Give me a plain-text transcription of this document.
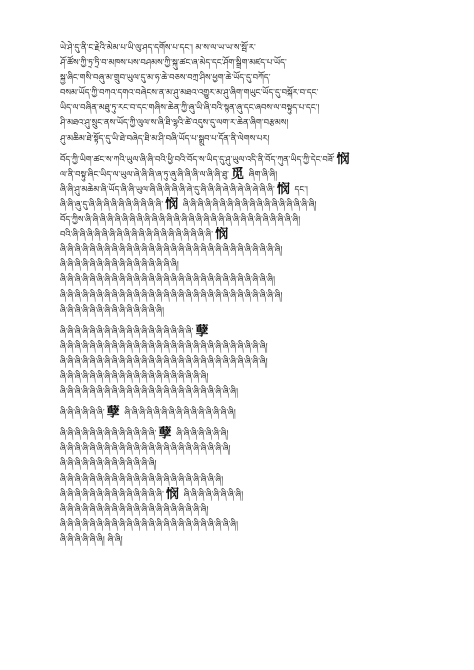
ཡེ་ཤེ་དུ་ནི་ང་རྗེའི་མེམ་པ་ཡི་ལུ་ཤད་དགོས་པ་དང་། མ་ས་ལ་ཡ་ཡ་ས་སྦོ་ར་
ཤོ་ཚོས་ཀྱི་ཏྲ་ཏྲི་བ་མཁས་པས་བཤམས་ཀྱི་སྐུ་ཚང་ཞ་མེད་དང་ཤོག་སྒྲིག་མཛད་པ་ཡོད་
སྐྱ་ཞིང་གསི་བཞུ་མ་གྲུབ་ཡུལ་དུ་མ་ཧ་ཆེ་བཅས་བཀྲ་ཤིས་ཕྱག་ཆེ་ཡོད་དུ་བཀོད་
བསམ་ཡོད་ཀྱི་བཀའ་དགའ་བཞེངས་ན་མ་ཤུ་མཐའ་འགྱུར་མ་ཤུ་ཞིག་གཡུང་ཡོད་དུ་བསྐོར་བ་དང་
ཡིད་ལ་བཞིན་མཐུ་ཏུ་རང་བ་དང་གཞིས་ཆེན་ཀྱི་ཞུ་ཡི་ཞི་བའི་སྙན་ཞུ་དང་ཞབས་ལ་བསྟུད་པ་དང་།
ཤི་མཐའ་ཤུ་སྲུང་ནས་ཡོད་ཀྱི་ལུལ་ས་ཞི་ཐི་ལྷའི་ཚེ་འདུས་དུ་ལག་ར་ཆེན་ཞིག་བརྩམས།
ཤུ་མཆིམ་ཐེ་སྟོད་དུ་ཡི་ཐེ་བཞེད་ཐི་མ་ཤི་བཞི་ཡོད་པ་སྒྲུབ་པ་དོན་ནི་ལེགས་པར།
བོད་ཀྱི་ཡིག་ཚང་ས་ཀའི་ཡུལ་ཞི་ཞི་བའི་ཕྱི་བའི་བོད་ས་ཡིད་དུ་ཤུ་ཡུལ་འདི་ནི་བོད་ཀུན་ཡིད་ཀྱི་དེང་བཟོ་ 悯
ལ་ནི་བསྟུ་ཞིང་ཡིད་ལ་ཡུལ་ཞེ་ཞི་ཞི་ཞ་ཏུ་ཞུ་ཞི་ཞི་ཞི་ལ་ཞི་ཞི་ཐུ་ 觅 ཞིག་ཞི་ཞི།
ཞི་ཞི་ཤུ་མཆེམ་ཞི་ཡོད་ཞི་ཞི་ཡུལ་ཞི་ཞི་ཞི་ཞི་ཞི་ཞེ་དུ་ཞི་ཞི་ཞི་ཞེ་ཞི་ཞེ་ཞི་ཞེ་ཞི་ཞི་ 悯 དང་།
ཞི་ཞི་ཞུ་དུ་ཞི་ཞི་ཞི་ཞི་ཞི་ཞི་ཞི་ཞི་ཞི་ཞི་ 悯 ཞི་ཞི་ཞི་ཞི་ཞི་ཞི་ཞི་ཞི་ཞི་ཞི་ཞི་ཞི་ཞི་ཞི་ཞི་ཞི་ཞི་ཞི།
བོད་ཀྱིས་ཞི་ཞི་ཞི་ཞི་ཞི་ཞི་ཞི་ཞི་ཞི་ཞི་ཞི་ཞི་ཞི་ཞི་ཞི་ཞི་ཞི་ཞི་ཞི་ཞི་ཞི་ཞི་ཞི་ཞི་ཞི་ཞི་ཞི་ཞི་ཞི།
བའི་ཞི་ཞི་ཞི་ཞི་ཞི་ཞི་ཞི་ཞི་ཞི་ཞི་ཞི་ཞི་ཞི་ཞི་ཞི་ཞི་ཞི་ཞི་ཞི་ 悯
ཞི་ཞི་ཞི་ཞི་ཞི་ཞི་ཞི་ཞི་ཞི་ཞི་ཞི་ཞི་ཞི་ཞི་ཞི་ཞི་ཞི་ཞི་ཞི་ཞི་ཞི་ཞི་ཞི་ཞི་ཞི་ཞི་ཞི་ཞི་ཞི་ཞི།
ཞི་ཞི་ཞི་ཞི་ཞི་ཞི་ཞི་ཞི་ཞི་ཞི་ཞི་ཞི་ཞི་ཞི་ཞི་ཞི།
ཞི་ཞི་ཞི་ཞི་ཞི་ཞི་ཞི་ཞི་ཞི་ཞི་ཞི་ཞི་ཞི་ཞི་ཞི་ཞི་ཞི་ཞི་ཞི་ཞི་ཞི་ཞི་ཞི་ཞི་ཞི་ཞི་ཞི་ཞི་ཞི།
ཞི་ཞི་ཞི་ཞི་ཞི་ཞི་ཞི་ཞི་ཞི་ཞི་ཞི་ཞི་ཞི་ཞི་ཞི་ཞི་ཞི་ཞི་ཞི་ཞི་ཞི་ཞི་ཞི་ཞི་ཞི་ཞི་ཞི་ཞི་ཞི་ཞི།
ཞི་ཞི་ཞི་ཞི་ཞི་ཞི་ཞི་ཞི་ཞི་ཞི་ཞི་ཞི་ཞི་ཞི།
ཞི་ཞི་ཞི་ཞི་ཞི་ཞི་ཞི་ཞི་ཞི་ཞི་ཞི་ཞི་ཞི་ཞི་ཞི་ཞི་ཞི་ཞི་ 孽
ཞི་ཞི་ཞི་ཞི་ཞི་ཞི་ཞི་ཞི་ཞི་ཞི་ཞི་ཞི་ཞི་ཞི་ཞི་ཞི་ཞི་ཞི་ཞི་ཞི་ཞི་ཞི་ཞི་ཞི་ཞི་ཞི་ཞི་ཞི།
ཞི་ཞི་ཞི་ཞི་ཞི་ཞི་ཞི་ཞི་ཞི་ཞི་ཞི་ཞི་ཞི་ཞི་ཞི་ཞི་ཞི་ཞི་ཞི་ཞི་ཞི་ཞི་ཞི་ཞི་ཞི་ཞི་ཞི་ཞི།
ཞི་ཞི་ཞི་ཞི་ཞི་ཞི་ཞི་ཞི་ཞི་ཞི་ཞི་ཞི་ཞི་ཞི་ཞི་ཞི་ཞི་ཞི་ཞི་ཞི།
ཞི་ཞི་ཞི་ཞི་ཞི་ཞི་ཞི་ཞི་ཞི་ཞི་ཞི་ཞི་ཞི་ཞི་ཞི་ཞི་ཞི་ཞི་ཞི་ཞི་ཞི་ཞི་ཞི་ཞི།
ཞི་ཞི་ཞི་ཞི་ཞི་ཞི་ 孽 ཞི་ཞི་ཞི་ཞི་ཞི་ཞི་ཞི་ཞི་ཞི་ཞི་ཞི་ཞི་ཞི་ཞི་ཞི།
ཞི་ཞི་ཞི་ཞི་ཞི་ཞི་ཞི་ཞི་ཞི་ཞི་ཞི་ཞི་ཞི་ 孽 ཞི་ཞི་ཞི་ཞི་ཞི་ཞི་ཞི།
ཞི་ཞི་ཞི་ཞི་ཞི་ཞི་ཞི་ཞི་ཞི་ཞི་ཞི་ཞི་ཞི་ཞི་ཞི་ཞི་ཞི་ཞི་ཞི་ཞི་ཞི་ཞི་ཞི།
ཞི་ཞི་ཞི་ཞི་ཞི་ཞི་ཞི་ཞི་ཞི་ཞི་ཞི་ཞི་ཞི།
ཞི་ཞི་ཞི་ཞི་ཞི་ཞི་ཞི་ཞི་ཞི་ཞི་ཞི་ཞི་ཞི་ཞི་ཞི་ཞི་ཞི་ཞི་ཞི་ཞི་ཞི་ཞི།
ཞི་ཞི་ཞི་ཞི་ཞི་ཞི་ཞི་ཞི་ཞི་ཞི་ཞི་ཞི་ཞི་ཞི་ 悯 ཞི་ཞི་ཞི་ཞི་ཞི་ཞི་ཞི་ཞི།
ཞི་ཞི་ཞི་ཞི་ཞི་ཞི་ཞི་ཞི་ཞི་ཞི་ཞི་ཞི་ཞི་ཞི་ཞི་ཞི་ཞི་ཞི་ཞི་ཞི།
ཞི་ཞི་ཞི་ཞི་ཞི་ཞི་ཞི་ཞི་ཞི་ཞི་ཞི་ཞི་ཞི་ཞི་ཞི་ཞི་ཞི་ཞི་ཞི་ཞི་ཞི་ཞི་ཞི་ཞི།
ཞི་ཞི་ཞི་ཞི་ཞི་ཞི། ཞི་ཞི།
